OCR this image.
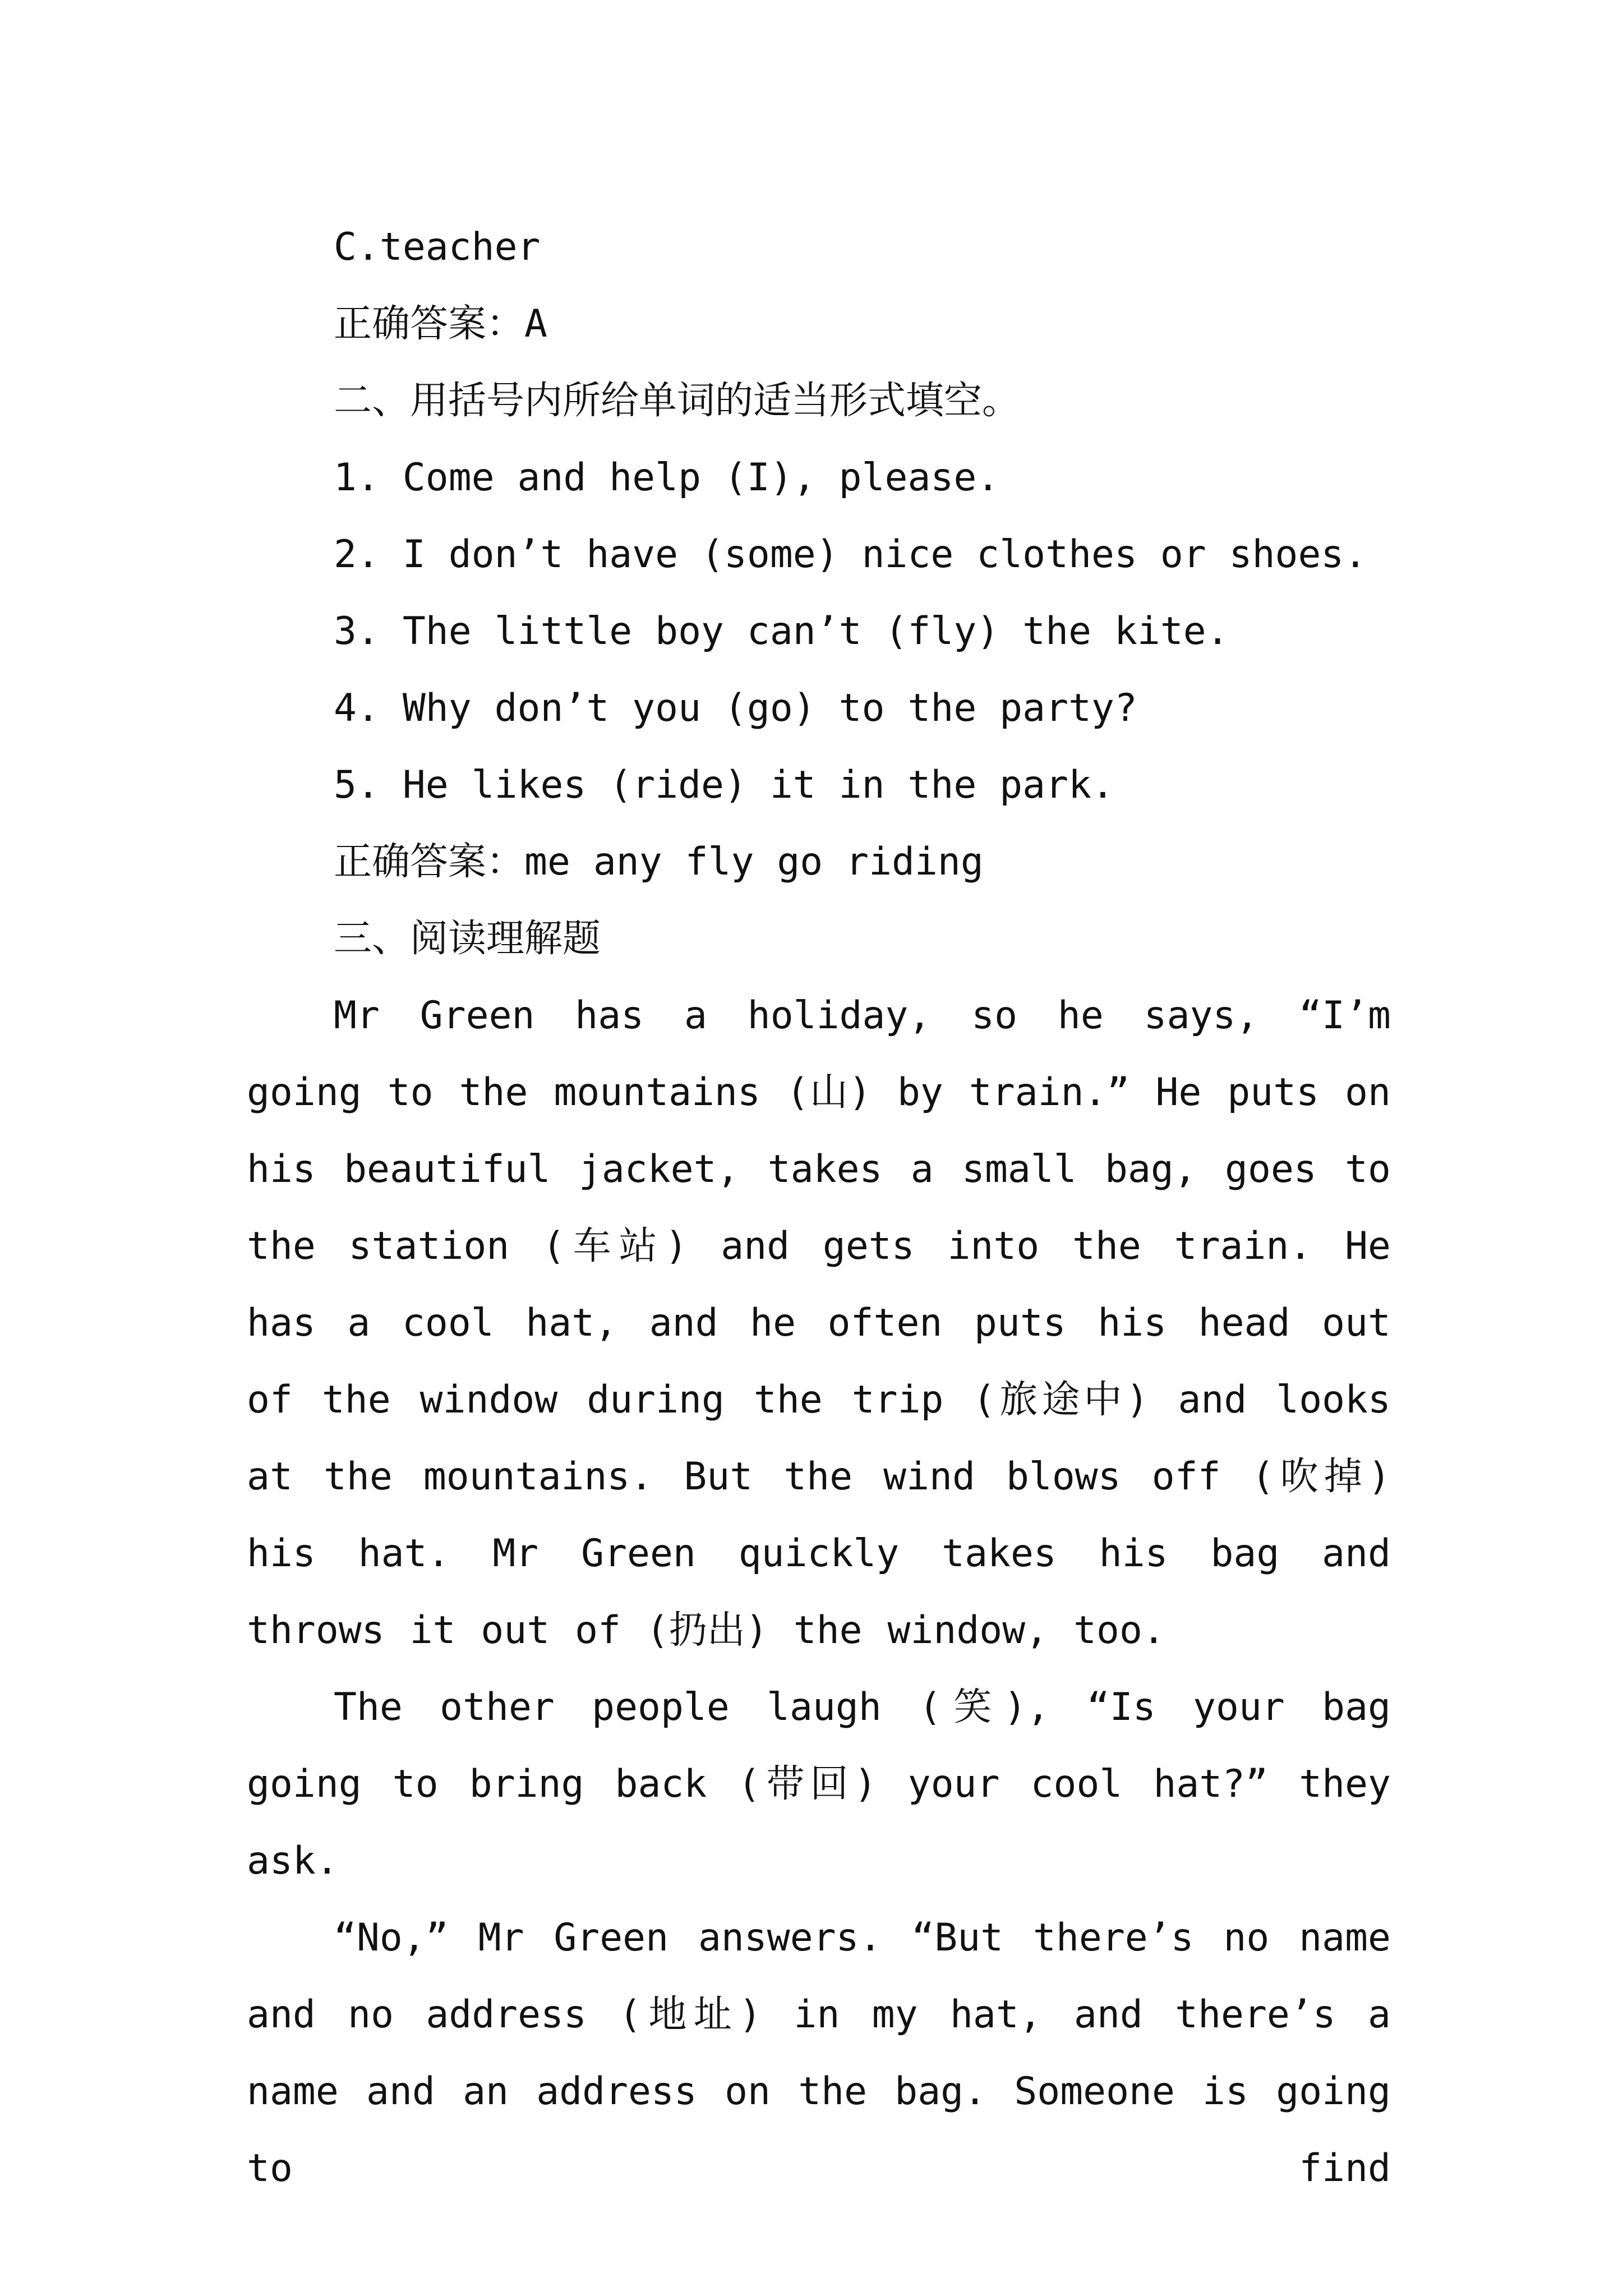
C.teacher

正确答案：A

二、用括号内所给单词的适当形式填空。

1. Come and help (I), please.

2. I don’t have (some) nice clothes or shoes.

3. The little boy can’t (fly) the kite.

4. Why don’t you (go) to the party?

5. He likes (ride) it in the park.

正确答案：me any fly go riding

三、阅读理解题

Mr Green has a holiday, so he says, “I’m going to the mountains (山) by train.” He puts on his beautiful jacket, takes a small bag, goes to the station (车站) and gets into the train. He has a cool hat, and he often puts his head out of the window during the trip (旅途中) and looks at the mountains. But the wind blows off (吹掉) his hat. Mr Green quickly takes his bag and throws it out of (扔出) the window, too.

The other people laugh (笑), “Is your bag going to bring back (带回) your cool hat?” they ask.

“No,” Mr Green answers. “But there’s no name and no address (地址) in my hat, and there’s a name and an address on the bag. Someone is going to find
